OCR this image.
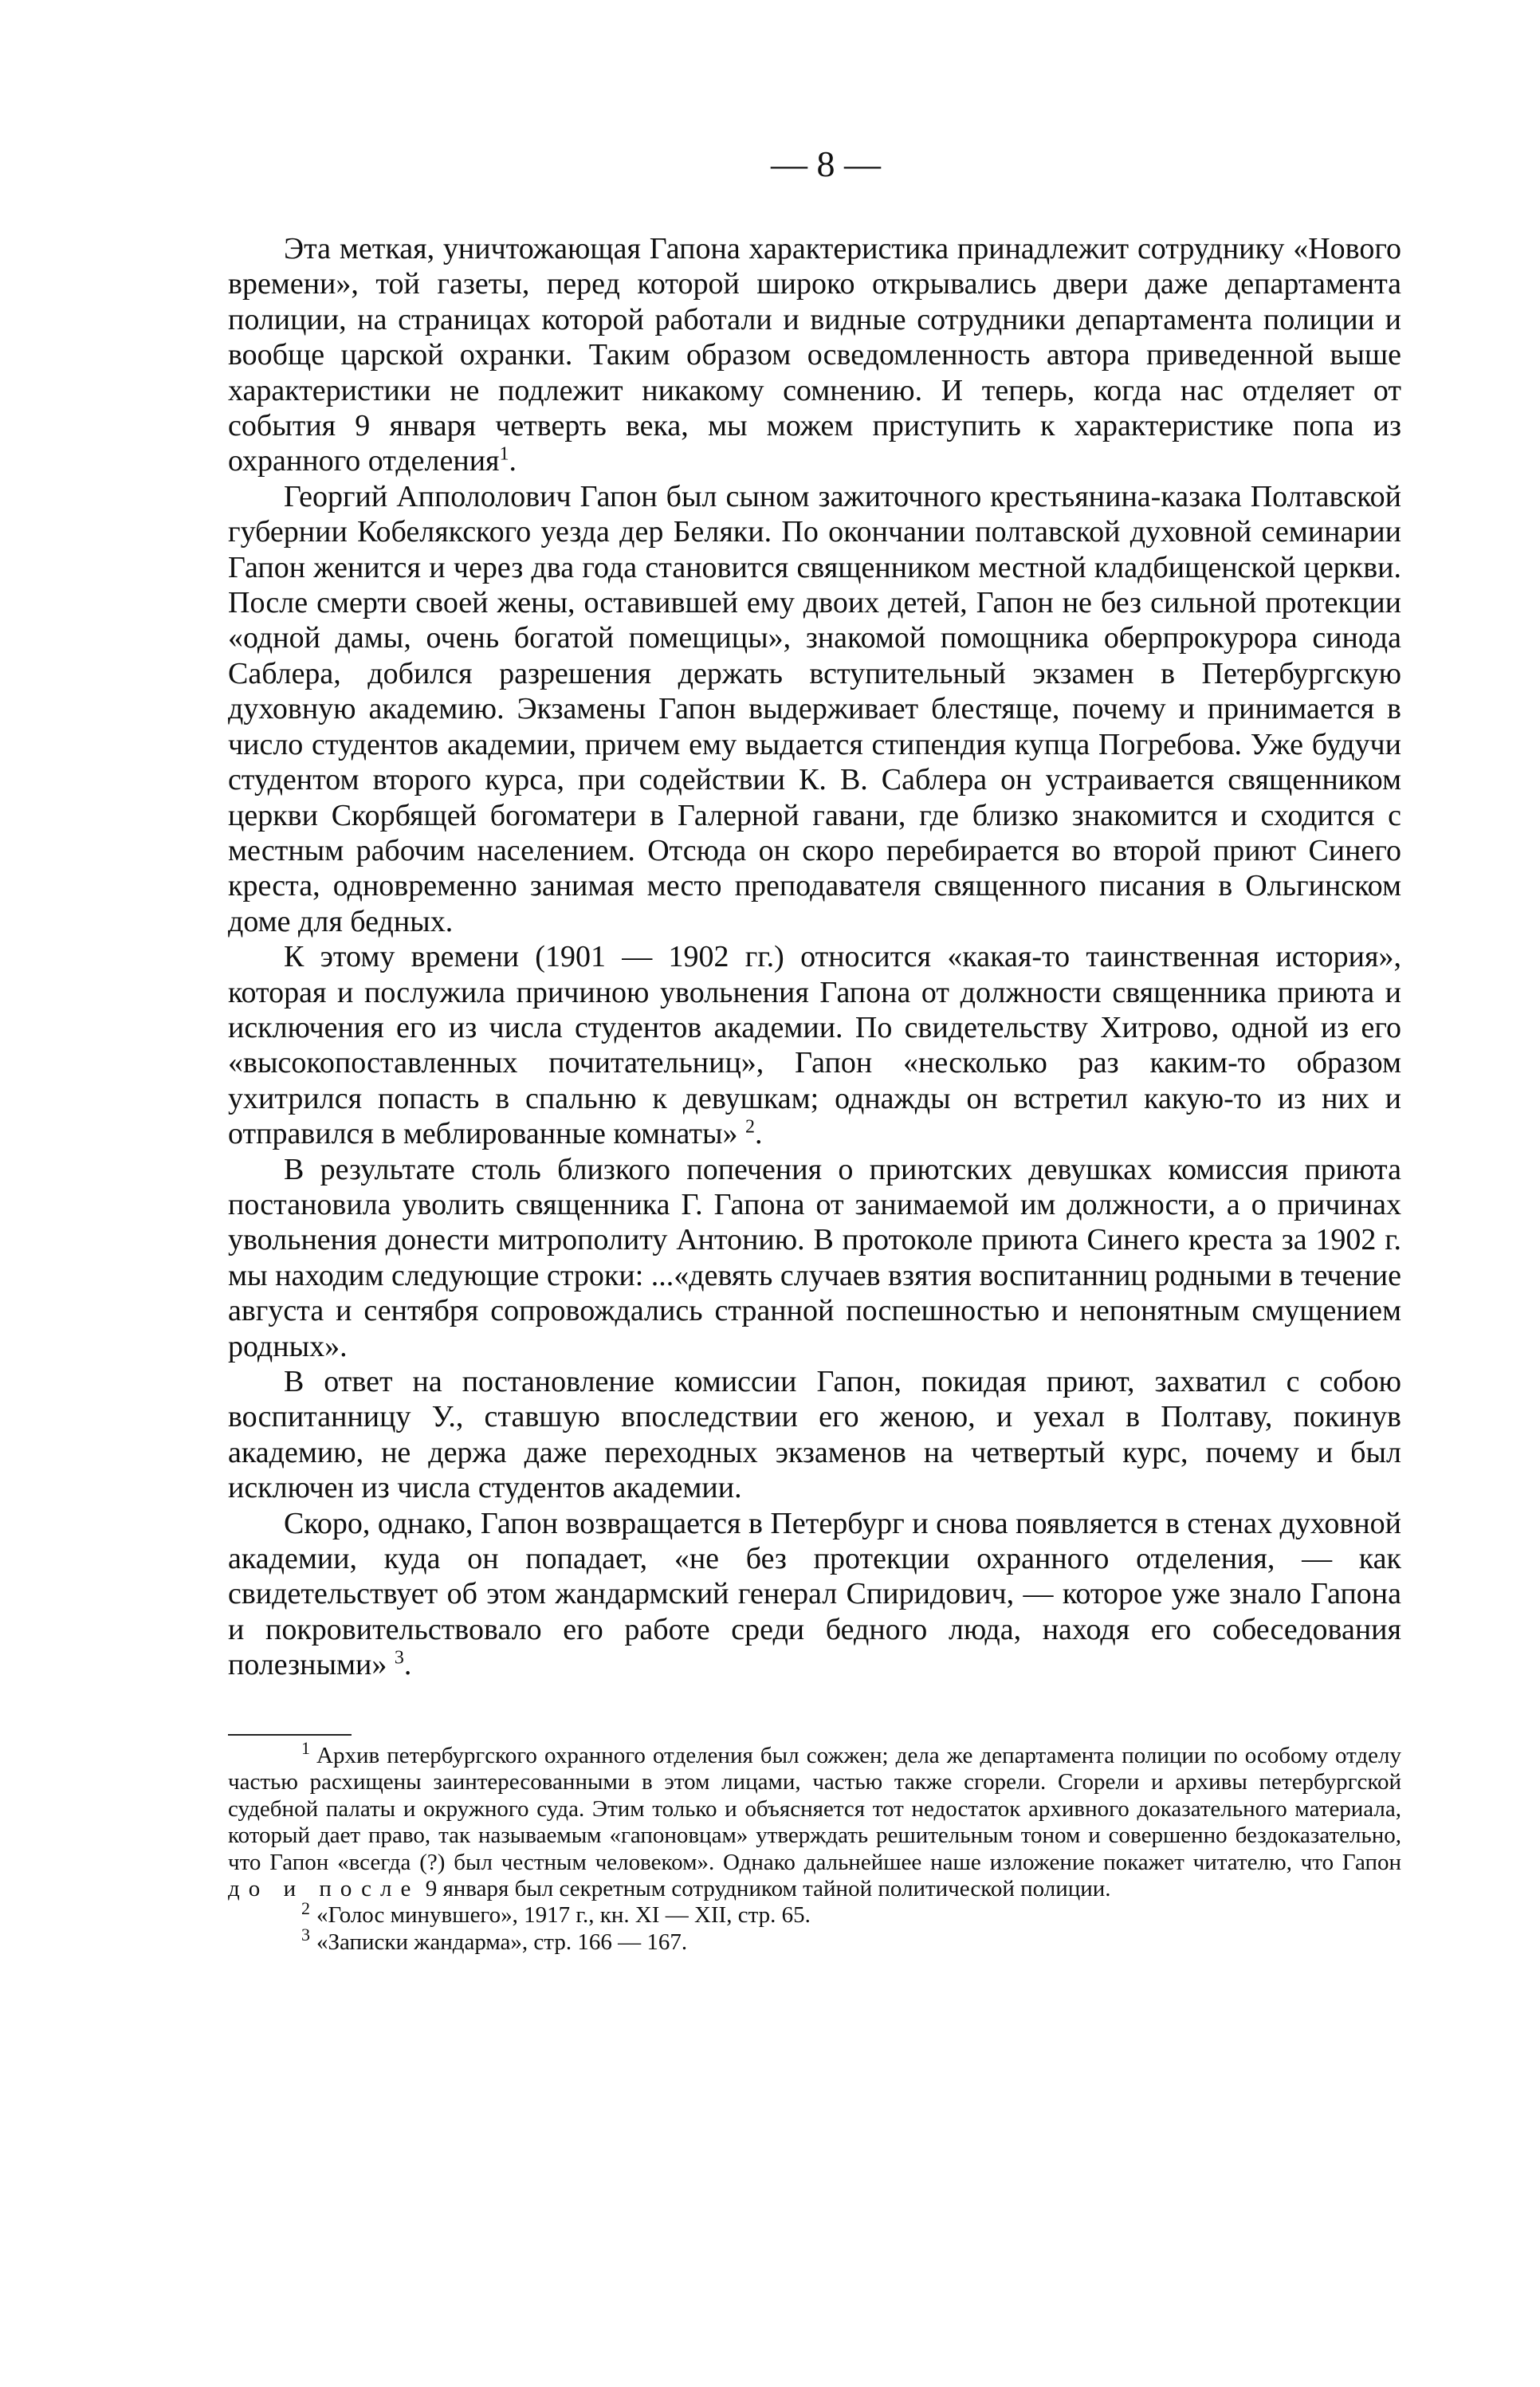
— 8 —

Эта меткая, уничтожающая Гапона характеристика принадлежит сотруднику «Нового времени», той газеты, перед которой широко открывались двери даже департамента полиции, на страницах которой работали и видные сотрудники департамента полиции и вообще царской охранки. Таким образом осведомленность автора приведенной выше характеристики не подлежит никакому сомнению. И теперь, когда нас отделяет от события 9 января четверть века, мы можем приступить к характеристике попа из охранного отделения$^1$.

Георгий Аппололович Гапон был сыном зажиточного крестьянина-казака Полтавской губернии Кобелякского уезда дер Беляки. По окончании полтавской духовной семинарии Гапон женится и через два года становится священником местной кладбищенской церкви. После смерти своей жены, оставившей ему двоих детей, Гапон не без сильной протекции «одной дамы, очень богатой помещицы», знакомой помощника оберпрокурора синода Саблера, добился разрешения держать вступительный экзамен в Петербургскую духовную академию. Экзамены Гапон выдерживает блестяще, почему и принимается в число студентов академии, причем ему выдается стипендия купца Погребова. Уже будучи студентом второго курса, при содействии К. В. Саблера он устраивается священником церкви Скорбящей богоматери в Галерной гавани, где близко знакомится и сходится с местным рабочим населением. Отсюда он скоро перебирается во второй приют Синего креста, одновременно занимая место преподавателя священного писания в Ольгинском доме для бедных.

К этому времени (1901 — 1902 гг.) относится «какая-то таинственная история», которая и послужила причиною увольнения Гапона от должности священника приюта и исключения его из числа студентов академии. По свидетельству Хитрово, одной из его «высокопоставленных почитательниц», Гапон «несколько раз каким-то образом ухитрился попасть в спальню к девушкам; однажды он встретил какую-то из них и отправился в меблированные комнаты» $^2$.

В результате столь близкого попечения о приютских девушках комиссия приюта постановила уволить священника Г. Гапона от занимаемой им должности, а о причинах увольнения донести митрополиту Антонию. В протоколе приюта Синего креста за 1902 г. мы находим следующие строки: ...«девять случаев взятия воспитанниц родными в течение августа и сентября сопровождались странной поспешностью и непонятным смущением родных».

В ответ на постановление комиссии Гапон, покидая приют, захватил с собою воспитанницу У., ставшую впоследствии его женою, и уехал в Полтаву, покинув академию, не держа даже переходных экзаменов на четвертый курс, почему и был исключен из числа студентов академии.

Скоро, однако, Гапон возвращается в Петербург и снова появляется в стенах духовной академии, куда он попадает, «не без протекции охранного отделения, — как свидетельствует об этом жандармский генерал Спиридович, — которое уже знало Гапона и покровительствовало его работе среди бедного люда, находя его собеседования полезными» $^3$.

$^1$ Архив петербургского охранного отделения был сожжен; дела же департамента полиции по особому отделу частью расхищены заинтересованными в этом лицами, частью также сгорели. Сгорели и архивы петербургской судебной палаты и окружного суда. Этим только и объясняется тот недостаток архивного доказательного материала, который дает право, так называемым «гапоновцам» утверждать решительным тоном и совершенно бездоказательно, что Гапон «всегда (?) был честным человеком». Однако дальнейшее наше изложение покажет читателю, что Гапон до и после 9 января был секретным сотрудником тайной политической полиции.

$^2$ «Голос минувшего», 1917 г., кн. XI — XII, стр. 65.

$^3$ «Записки жандарма», стр. 166 — 167.
